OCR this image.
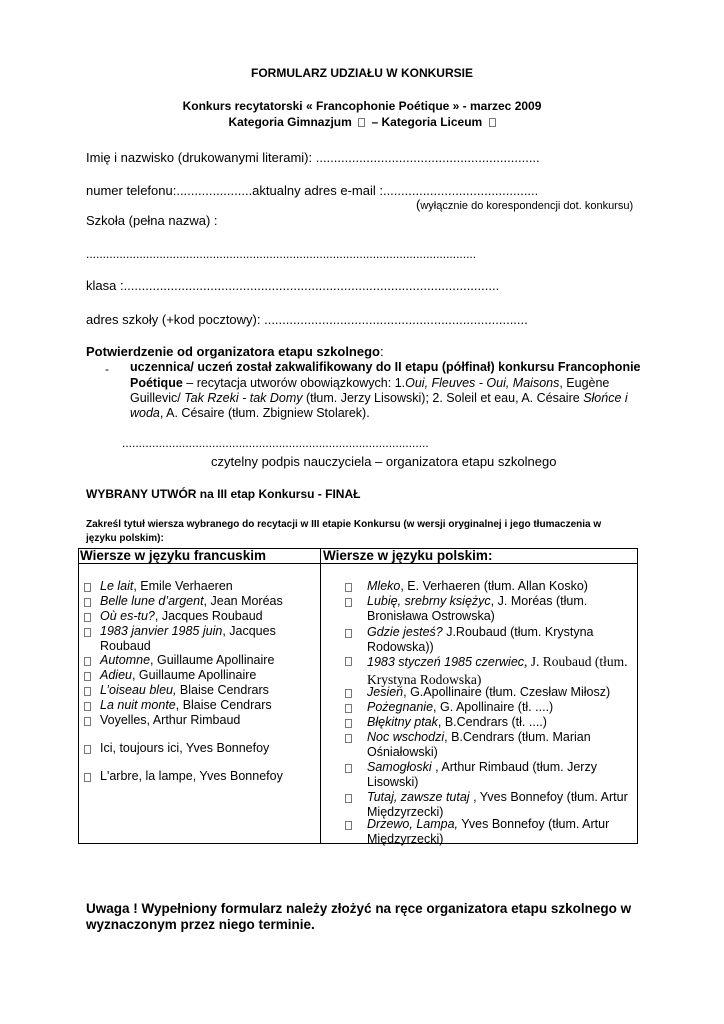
FORMULARZ UDZIAŁU W KONKURSIE
Konkurs recytatorski « Francophonie Poétique » - marzec 2009
Kategoria Gimnazjum – Kategoria Liceum
Imię i nazwisko (drukowanymi literami): ..............................................................
numer telefonu:.....................aktualny adres e-mail :...........................................
(wyłącznie do korespondencji dot. konkursu)
Szkoła (pełna nazwa) :
.....................................................................................................................
klasa :........................................................................................................
adres szkoły (+kod pocztowy): .........................................................................
Potwierdzenie od organizatora etapu szkolnego:
- uczennica/ uczeń został zakwalifikowany do II etapu (półfinał) konkursu Francophonie
Poétique – recytacja utworów obowiązkowych: 1.Oui, Fleuves - Oui, Maisons, Eugène
Guillevic/ Tak Rzeki - tak Domy (tłum. Jerzy Lisowski); 2. Soleil et eau, A. Césaire Słońce i
woda, A. Césaire (tłum. Zbigniew Stolarek).
............................................................................................
czytelny podpis nauczyciela – organizatora etapu szkolnego
WYBRANY UTWÓR na III etap Konkursu - FINAŁ
Zakreśl tytuł wiersza wybranego do recytacji w III etapie Konkursu (w wersji oryginalnej i jego tłumaczenia w
języku polskim):
Wiersze w języku francuskim	Wiersze w języku polskim:
Le lait, Emile Verhaeren
Belle lune d’argent, Jean Moréas
Où es-tu?, Jacques Roubaud
1983 janvier 1985 juin, Jacques
Roubaud
Automne, Guillaume Apollinaire
Adieu, Guillaume Apollinaire
L’oiseau bleu, Blaise Cendrars
La nuit monte, Blaise Cendrars
Voyelles, Arthur Rimbaud
Ici, toujours ici, Yves Bonnefoy
L'arbre, la lampe, Yves Bonnefoy
Mleko, E. Verhaeren (tłum. Allan Kosko)
Lubię, srebrny księżyc, J. Moréas (tłum.
Bronisława Ostrowska)
Gdzie jesteś? J.Roubaud (tłum. Krystyna
Rodowska))
1983 styczeń 1985 czerwiec, J. Roubaud (tłum.
Krystyna Rodowska)
Jesień, G.Apollinaire (tłum. Czesław Miłosz)
Pożegnanie, G. Apollinaire (tł. ....)
Błękitny ptak, B.Cendrars (tł. ....)
Noc wschodzi, B.Cendrars (tłum. Marian
Ośniałowski)
Samogłoski , Arthur Rimbaud (tłum. Jerzy
Lisowski)
Tutaj, zawsze tutaj , Yves Bonnefoy (tłum. Artur
Międzyrzecki)
Drzewo, Lampa, Yves Bonnefoy (tłum. Artur
Międzyrzecki)
Uwaga ! Wypełniony formularz należy złożyć na ręce organizatora etapu szkolnego w
wyznaczonym przez niego terminie.
